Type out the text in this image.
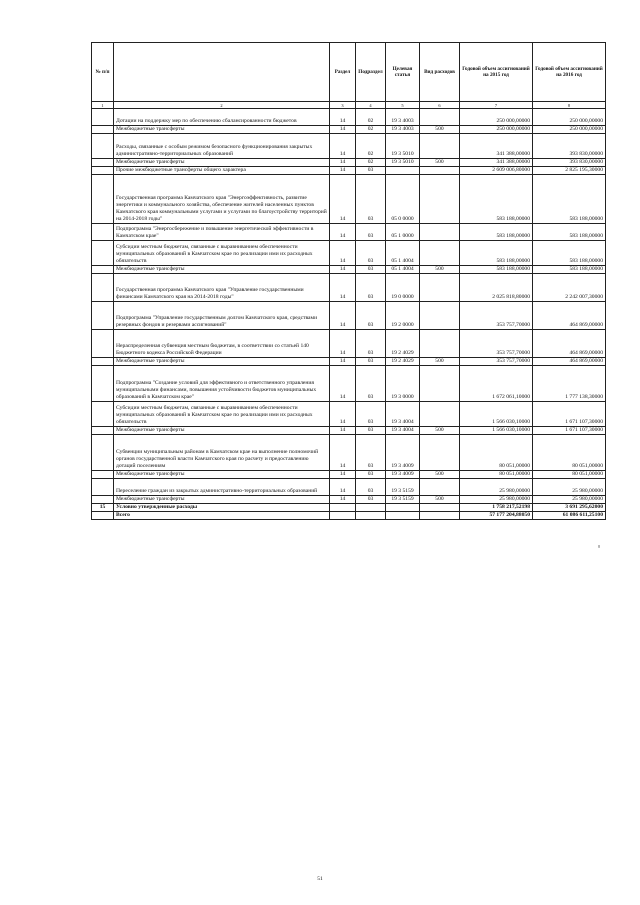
№ п/п		Раздел	Подраздел	Целевая статья	Вид расходов	Годовой объем ассигнований на 2015 год	Годовой объем ассигнований на 2016 год
1	2	3	4	5	6	7	8
	Дотации на поддержку мер по обеспечению сбалансированности бюджетов	14	02	19 3 4003		250 000,00000	250 000,00000
	Межбюджетные трансферты	14	02	19 3 4003	500	250 000,00000	250 000,00000
	Расходы, связанные с особым режимом безопасного функционирования закрытых административно-территориальных образований	14	02	19 3 5010		341 388,00000	393 830,00000
	Межбюджетные трансферты	14	02	19 3 5010	500	341 388,00000	393 830,00000
	Прочие межбюджетные трансферты общего характера	14	03			2 609 006,80000	2 825 195,30000
	Государственная программа Камчатского края "Энергоэффективность, развитие энергетики и коммунального хозяйства, обеспечение жителей населенных пунктов Камчатского края коммунальными услугами и услугами по благоустройству территорий на 2014-2018 годы"	14	03	05 0 0000		583 188,00000	583 188,00000
	Подпрограмма "Энергосбережение и повышение энергетической эффективности в Камчатском крае"	14	03	05 1 0000		583 188,00000	583 188,00000
	Субсидии местным бюджетам, связанные с выравниванием обеспеченности муниципальных образований в Камчатском крае по реализации ими их расходных обязательств	14	03	05 1 4004		583 188,00000	583 188,00000
	Межбюджетные трансферты	14	03	05 1 4004	500	583 188,00000	583 188,00000
	Государственная программа Камчатского края "Управление государственными финансами Камчатского края на 2014-2018 годы"	14	03	19 0 0000		2 025 818,80000	2 242 007,30000
	Подпрограмма "Управление государственным долгом Камчатского края, средствами резервных фондов и резервами ассигнований"	14	03	19 2 0000		353 757,70000	464 869,00000
	Нераспределенная субвенция местным бюджетам, в соответствии со статьей 140 Бюджетного кодекса Российской Федерации	14	03	19 2 4029		353 757,70000	464 869,00000
	Межбюджетные трансферты	14	03	19 2 4029	500	353 757,70000	464 869,00000
	Подпрограмма "Создание условий для эффективного и ответственного управления муниципальными финансами, повышения устойчивости бюджетов муниципальных образований в Камчатском крае"	14	03	19 3 0000		1 672 061,10000	1 777 138,30000
	Субсидии местным бюджетам, связанные с выравниванием обеспеченности муниципальных образований в Камчатском крае по реализации ими их расходных обязательств	14	03	19 3 4004		1 566 030,10000	1 671 107,30000
	Межбюджетные трансферты	14	03	19 3 4004	500	1 566 030,10000	1 671 107,30000
	Субвенции муниципальным районам в Камчатском крае на выполнение полномочий органов государственной власти Камчатского края по расчету и предоставлению дотаций поселениям	14	03	19 3 4009		80 051,00000	80 051,00000
	Межбюджетные трансферты	14	03	19 3 4009	500	80 051,00000	80 051,00000
	Переселение граждан из закрытых административно-территориальных образований	14	03	19 3 5159		25 980,00000	25 980,00000
	Межбюджетные трансферты	14	03	19 3 5159	500	25 980,00000	25 980,00000
15	Условно утвержденные расходы					1 758 217,52198	3 691 295,62000
	Всего					57 177 204,88050	61 086 611,25100
8
51
